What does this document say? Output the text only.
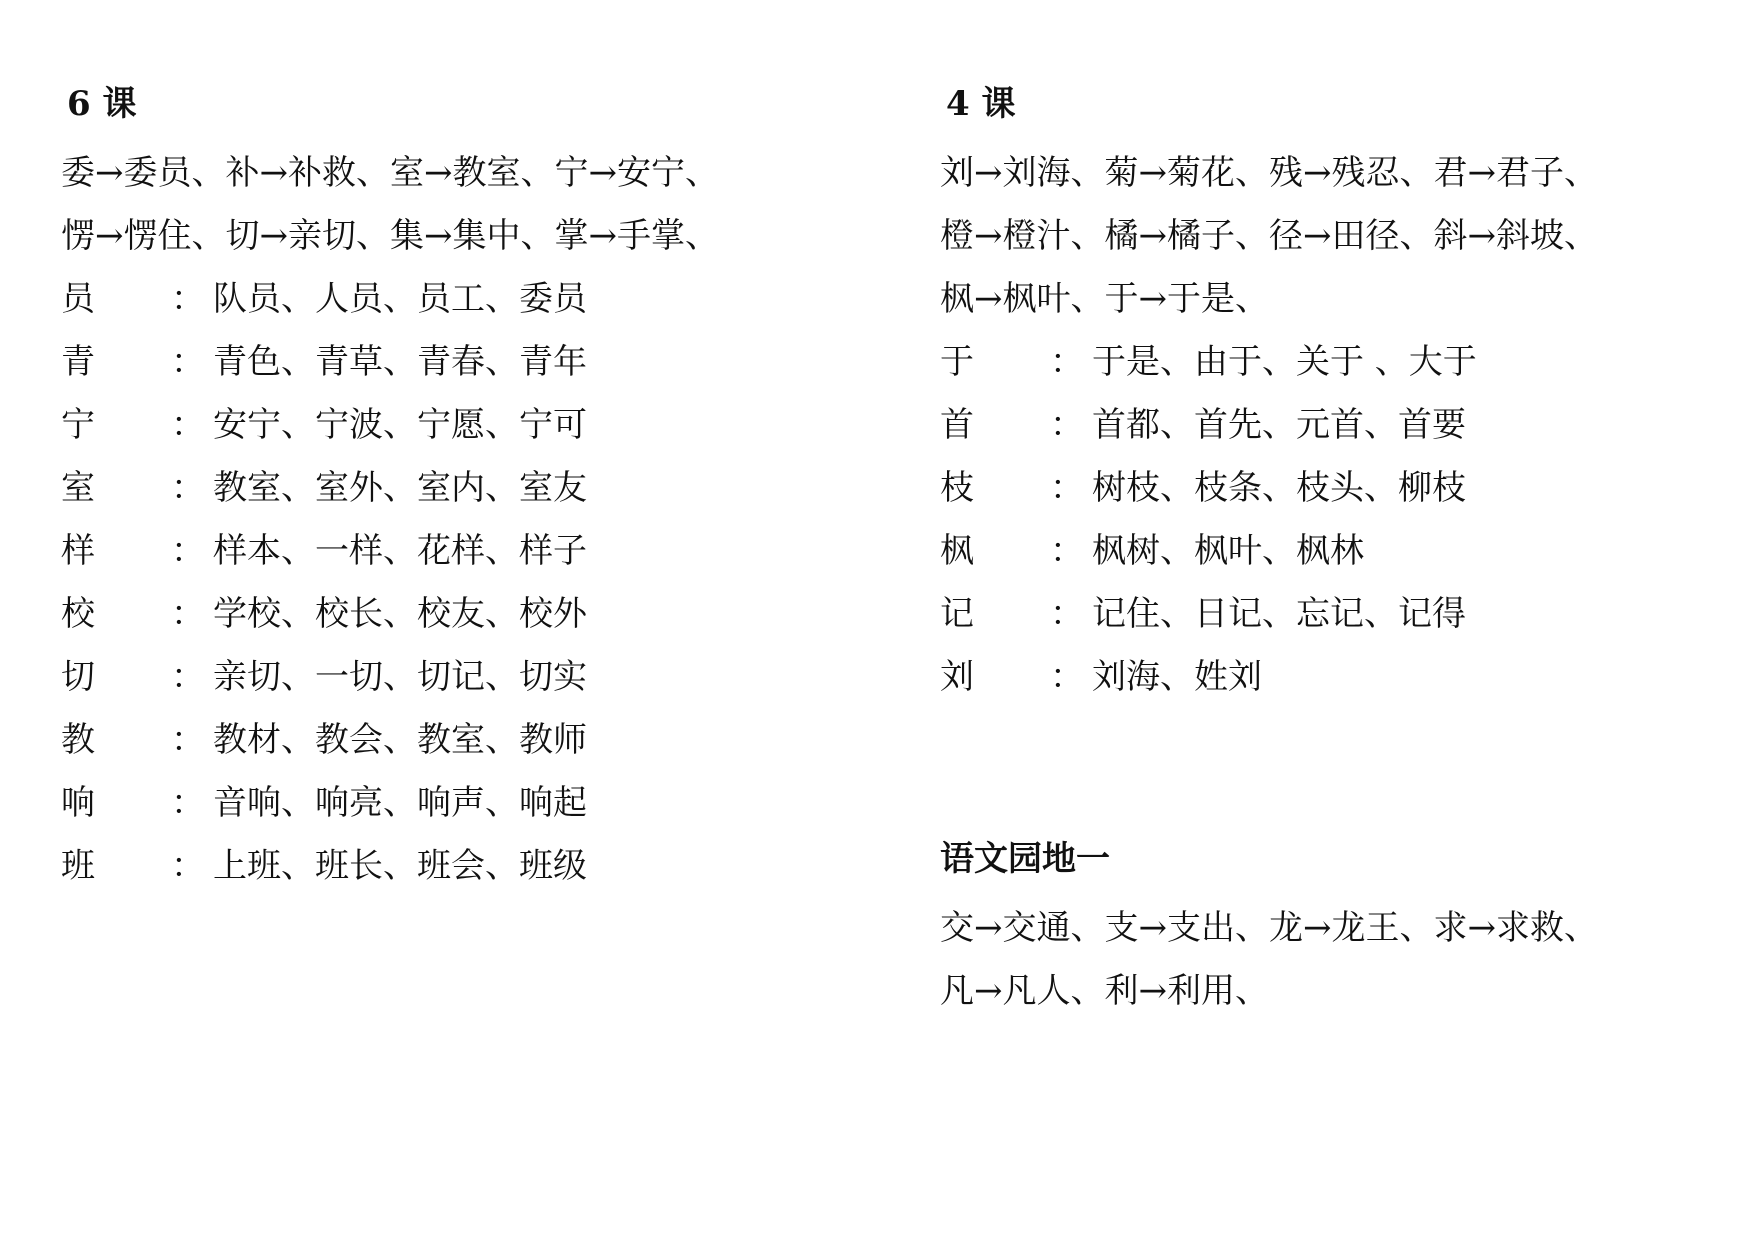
6 课
委→委员、补→补救、室→教室、宁→安宁、
愣→愣住、切→亲切、集→集中、掌→手掌、
员	： 队员、人员、员工、委员
青	： 青色、青草、青春、青年
宁	： 安宁、宁波、宁愿、宁可
室	： 教室、室外、室内、室友
样	： 样本、一样、花样、样子
校	： 学校、校长、校友、校外
切	： 亲切、一切、切记、切实
教	： 教材、教会、教室、教师
响	： 音响、响亮、响声、响起
班	： 上班、班长、班会、班级
4 课
刘→刘海、菊→菊花、残→残忍、君→君子、
橙→橙汁、橘→橘子、径→田径、斜→斜坡、
枫→枫叶、于→于是、
于	： 于是、由于、关于 、大于
首	： 首都、首先、元首、首要
枝	： 树枝、枝条、枝头、柳枝
枫	： 枫树、枫叶、枫林
记	： 记住、日记、忘记、记得
刘	： 刘海、姓刘
语文园地一
交→交通、支→支出、龙→龙王、求→求救、
凡→凡人、利→利用、
